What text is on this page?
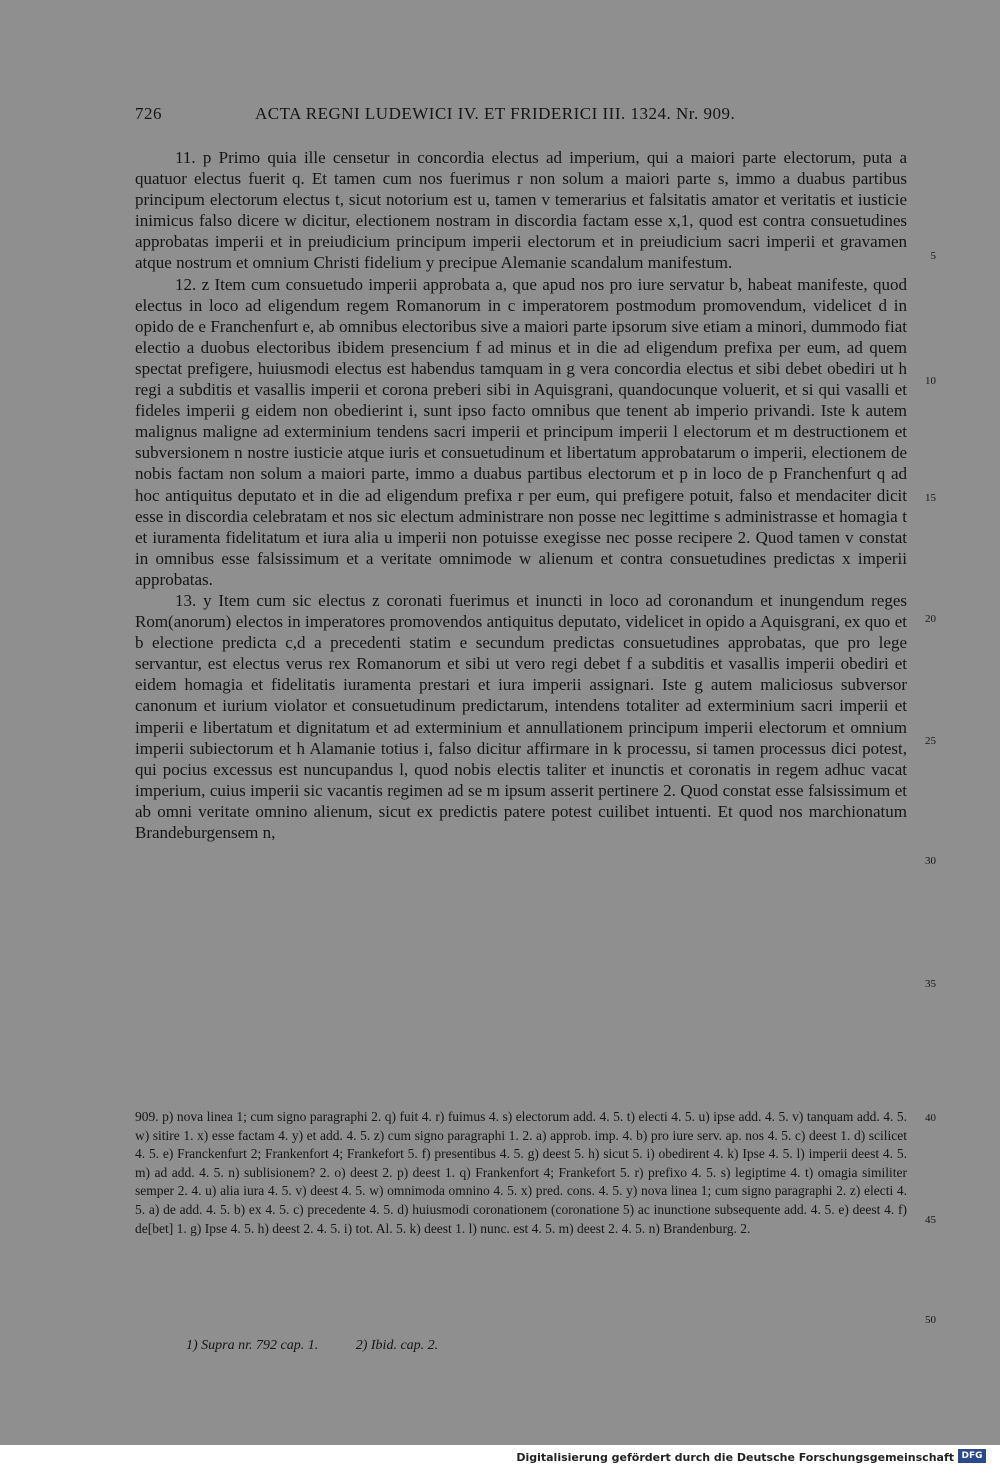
726	ACTA REGNI LUDEWICI IV. ET FRIDERICI III. 1324. Nr. 909.

11. p Primo quia ille censetur in concordia electus ad imperium, qui a maiori parte electorum, puta a quatuor electus fuerit q. Et tamen cum nos fuerimus r non solum a maiori parte s, immo a duabus partibus principum electorum electus t, sicut notorium est u, tamen v temerarius et falsitatis amator et veritatis et iusticie inimicus falso dicere w dicitur, electionem nostram in discordia factam esse x,1, quod est contra consuetudines approbatas imperii et in preiudicium principum imperii electorum et in preiudicium sacri imperii et gravamen atque nostrum et omnium Christi fidelium y precipue Alemanie scandalum manifestum.

12. z Item cum consuetudo imperii approbata a, que apud nos pro iure servatur b, habeat manifeste, quod electus in loco ad eligendum regem Romanorum in c imperatorem postmodum promovendum, videlicet d in opido de e Franchenfurt e, ab omnibus electoribus sive a maiori parte ipsorum sive etiam a minori, dummodo fiat electio a duobus electoribus ibidem presencium f ad minus et in die ad eligendum prefixa per eum, ad quem spectat prefigere, huiusmodi electus est habendus tamquam in g vera concordia electus et sibi debet obediri ut h regi a subditis et vasallis imperii et corona preberi sibi in Aquisgrani, quandocunque voluerit, et si qui vasalli et fideles imperii g eidem non obedierint i, sunt ipso facto omnibus que tenent ab imperio privandi. Iste k autem malignus maligne ad exterminium tendens sacri imperii et principum imperii l electorum et m destructionem et subversionem n nostre iusticie atque iuris et consuetudinum et libertatum approbatarum o imperii, electionem de nobis factam non solum a maiori parte, immo a duabus partibus electorum et p in loco de p Franchenfurt q ad hoc antiquitus deputato et in die ad eligendum prefixa r per eum, qui prefigere potuit, falso et mendaciter dicit esse in discordia celebratam et nos sic electum administrare non posse nec legittime s administrasse et homagia t et iuramenta fidelitatum et iura alia u imperii non potuisse exegisse nec posse recipere 2. Quod tamen v constat in omnibus esse falsissimum et a veritate omnimode w alienum et contra consuetudines predictas x imperii approbatas.

13. y Item cum sic electus z coronati fuerimus et inuncti in loco ad coronandum et inungendum reges Rom(anorum) electos in imperatores promovendos antiquitus deputato, videlicet in opido a Aquisgrani, ex quo et b electione predicta c,d a precedenti statim e secundum predictas consuetudines approbatas, que pro lege servantur, est electus verus rex Romanorum et sibi ut vero regi debet f a subditis et vasallis imperii obediri et eidem homagia et fidelitatis iuramenta prestari et iura imperii assignari. Iste g autem maliciosus subversor canonum et iurium violator et consuetudinum predictarum, intendens totaliter ad exterminium sacri imperii et imperii e libertatum et dignitatum et ad exterminium et annullationem principum imperii electorum et omnium imperii subiectorum et h Alamanie totius i, falso dicitur affirmare in k processu, si tamen processus dici potest, qui pocius excessus est nuncupandus l, quod nobis electis taliter et inunctis et coronatis in regem adhuc vacat imperium, cuius imperii sic vacantis regimen ad se m ipsum asserit pertinere 2. Quod constat esse falsissimum et ab omni veritate omnino alienum, sicut ex predictis patere potest cuilibet intuenti. Et quod nos marchionatum Brandeburgensem n,

5
10
15
20
25
30
35
40
45
50
909. p) nova linea 1; cum signo paragraphi 2. q) fuit 4. r) fuimus 4. s) electorum add. 4. 5. t) electi 4. 5. u) ipse add. 4. 5. v) tanquam add. 4. 5. w) sitire 1. x) esse factam 4. y) et add. 4. 5. z) cum signo paragraphi 1. 2. a) approb. imp. 4. b) pro iure serv. ap. nos 4. 5. c) deest 1. d) scilicet 4. 5. e) Franckenfurt 2; Frankenfort 4; Frankefort 5. f) presentibus 4. 5. g) deest 5. h) sicut 5. i) obedirent 4. k) Ipse 4. 5. l) imperii deest 4. 5. m) ad add. 4. 5. n) sublisionem? 2. o) deest 2. p) deest 1. q) Frankenfort 4; Frankefort 5. r) prefixo 4. 5. s) legiptime 4. t) omagia similiter semper 2. 4. u) alia iura 4. 5. v) deest 4. 5. w) omnimoda omnino 4. 5. x) pred. cons. 4. 5. y) nova linea 1; cum signo paragraphi 2. z) electi 4. 5. a) de add. 4. 5. b) ex 4. 5. c) precedente 4. 5. d) huiusmodi coronationem (coronatione 5) ac inunctione subsequente add. 4. 5. e) deest 4. f) de[bet] 1. g) Ipse 4. 5. h) deest 2. 4. 5. i) tot. Al. 5. k) deest 1. l) nunc. est 4. 5. m) deest 2. 4. 5. n) Brandenburg. 2.
1) Supra nr. 792 cap. 1.	2) Ibid. cap. 2.
Digitalisierung gefördert durch die Deutsche Forschungsgemeinschaft DFG
